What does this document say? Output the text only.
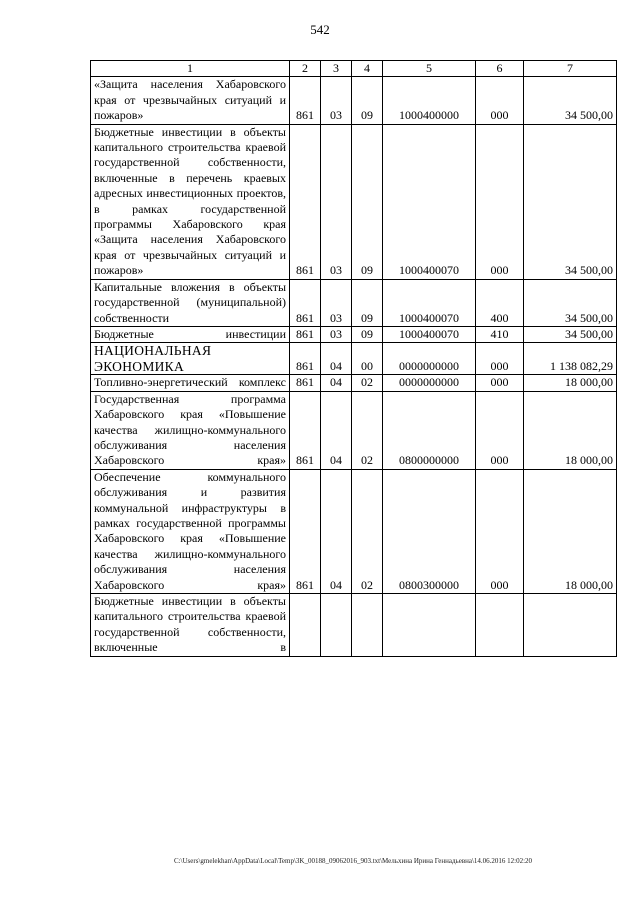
542
1	2	3	4	5	6	7
«Защита населения Хабаровского края от чрезвычайных ситуаций и пожаров»	861	03	09	1000400000	000	34 500,00
Бюджетные инвестиции в объекты капитального строительства краевой государственной собственности, включенные в перечень краевых адресных инвестиционных проектов, в рамках государственной программы Хабаровского края «Защита населения Хабаровского края от чрезвычайных ситуаций и пожаров»	861	03	09	1000400070	000	34 500,00
Капитальные вложения в объекты государственной (муниципальной) собственности	861	03	09	1000400070	400	34 500,00
Бюджетные инвестиции	861	03	09	1000400070	410	34 500,00
НАЦИОНАЛЬНАЯ ЭКОНОМИКА	861	04	00	0000000000	000	1 138 082,29
Топливно-энергетический комплекс	861	04	02	0000000000	000	18 000,00
Государственная программа Хабаровского края «Повышение качества жилищно-коммунального обслуживания населения Хабаровского края»	861	04	02	0800000000	000	18 000,00
Обеспечение коммунального обслуживания и развития коммунальной инфраструктуры в рамках государственной программы Хабаровского края «Повышение качества жилищно-коммунального обслуживания населения Хабаровского края»	861	04	02	0800300000	000	18 000,00
Бюджетные инвестиции в объекты капитального строительства краевой государственной собственности, включенные в						
C:\Users\gmelekhan\AppData\Local\Temp\3K_00188_09062016_903.txt\Мельхина Ирина Геннадьевна\14.06.2016 12:02:20
